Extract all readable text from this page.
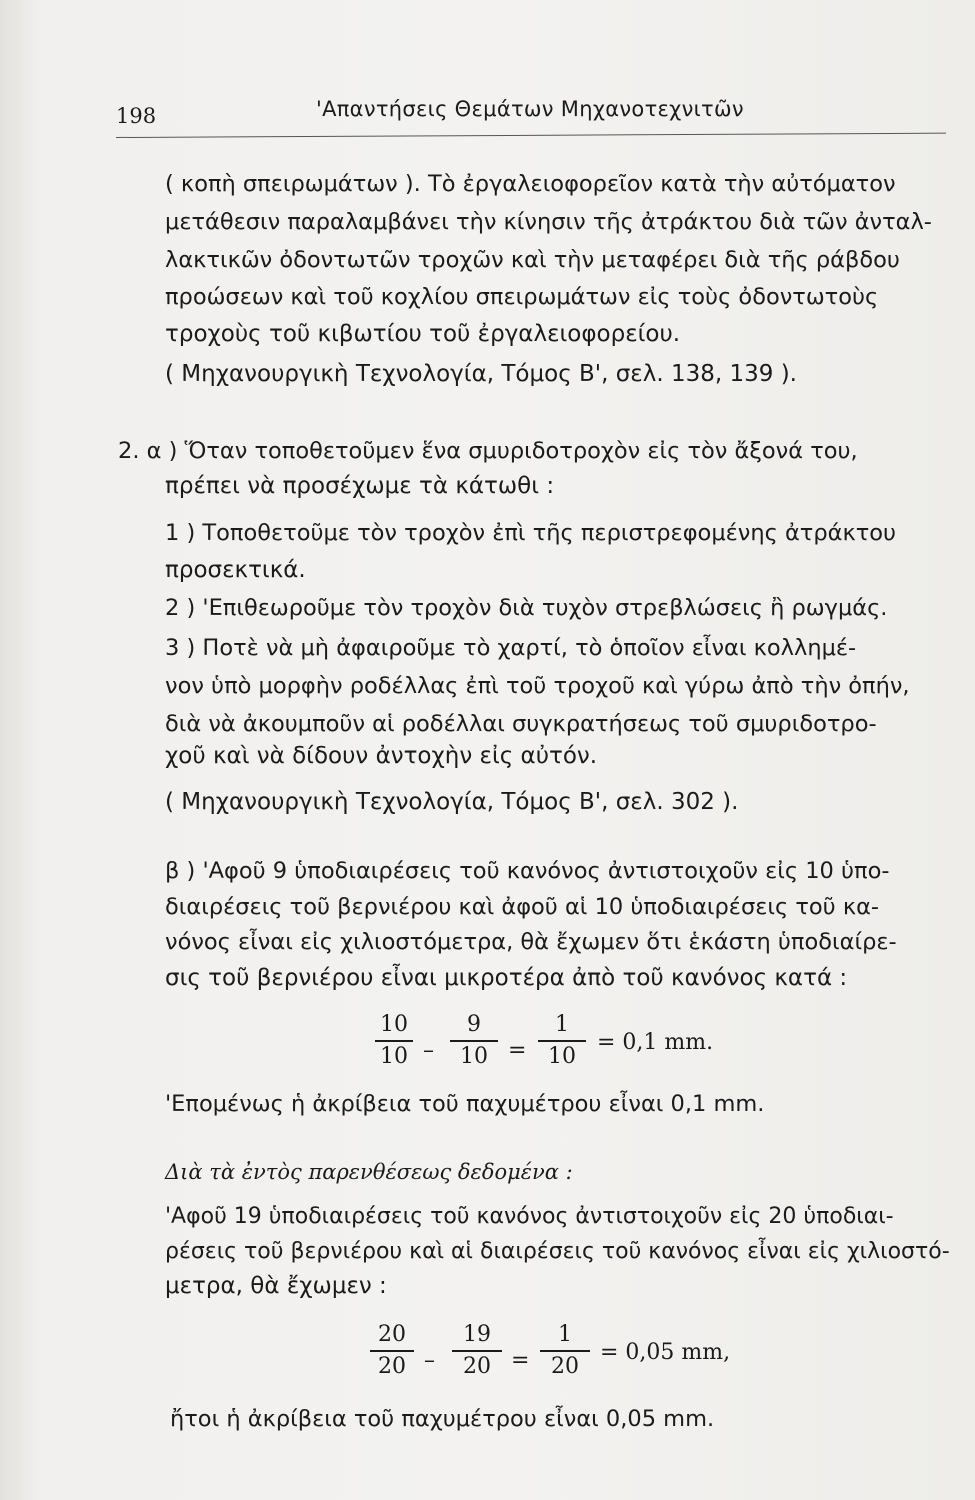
198	'Απαντήσεις Θεμάτων Μηχανοτεχνιτῶν
( κοπὴ σπειρωμάτων ). Τὸ ἐργαλειοφορεῖον κατὰ τὴν αὐτόματον
μετάθεσιν παραλαμβάνει τὴν κίνησιν τῆς ἀτράκτου διὰ τῶν ἀνταλ-
λακτικῶν ὀδοντωτῶν τροχῶν καὶ τὴν μεταφέρει διὰ τῆς ράβδου
προώσεων καὶ τοῦ κοχλίου σπειρωμάτων εἰς τοὺς ὀδοντωτοὺς
τροχοὺς τοῦ κιβωτίου τοῦ ἐργαλειοφορείου.
( Μηχανουργικὴ Τεχνολογία, Τόμος Β', σελ. 138, 139 ).
2. α ) Ὅταν τοποθετοῦμεν ἕνα σμυριδοτροχὸν εἰς τὸν ἄξονά του,
πρέπει νὰ προσέχωμε τὰ κάτωθι :
1 ) Τοποθετοῦμε τὸν τροχὸν ἐπὶ τῆς περιστρεφομένης ἀτράκτου
προσεκτικά.
2 ) 'Επιθεωροῦμε τὸν τροχὸν διὰ τυχὸν στρεβλώσεις ἢ ρωγμάς.
3 ) Ποτὲ νὰ μὴ ἀφαιροῦμε τὸ χαρτί, τὸ ὁποῖον εἶναι κολλημέ-
νον ὑπὸ μορφὴν ροδέλλας ἐπὶ τοῦ τροχοῦ καὶ γύρω ἀπὸ τὴν ὀπήν,
διὰ νὰ ἀκουμποῦν αἱ ροδέλλαι συγκρατήσεως τοῦ σμυριδοτρο-
χοῦ καὶ νὰ δίδουν ἀντοχὴν εἰς αὐτόν.
( Μηχανουργικὴ Τεχνολογία, Τόμος Β', σελ. 302 ).
β ) 'Αφοῦ 9 ὑποδιαιρέσεις τοῦ κανόνος ἀντιστοιχοῦν εἰς 10 ὑπο-
διαιρέσεις τοῦ βερνιέρου καὶ ἀφοῦ αἱ 10 ὑποδιαιρέσεις τοῦ κα-
νόνος εἶναι εἰς χιλιοστόμετρα, θὰ ἔχωμεν ὅτι ἑκάστη ὑποδιαίρε-
σις τοῦ βερνιέρου εἶναι μικροτέρα ἀπὸ τοῦ κανόνος κατά :
10
10 –
9
10 =
1
10
= 0,1 mm.
'Επομένως ἡ ἀκρίβεια τοῦ παχυμέτρου εἶναι 0,1 mm.
Διὰ τὰ ἐντὸς παρενθέσεως δεδομένα :
'Αφοῦ 19 ὑποδιαιρέσεις τοῦ κανόνος ἀντιστοιχοῦν εἰς 20 ὑποδιαι-
ρέσεις τοῦ βερνιέρου καὶ αἱ διαιρέσεις τοῦ κανόνος εἶναι εἰς χιλιοστό-
μετρα, θὰ ἔχωμεν :
20
20 –
19
20 =
1
20
= 0,05 mm,
ἤτοι ἡ ἀκρίβεια τοῦ παχυμέτρου εἶναι 0,05 mm.
